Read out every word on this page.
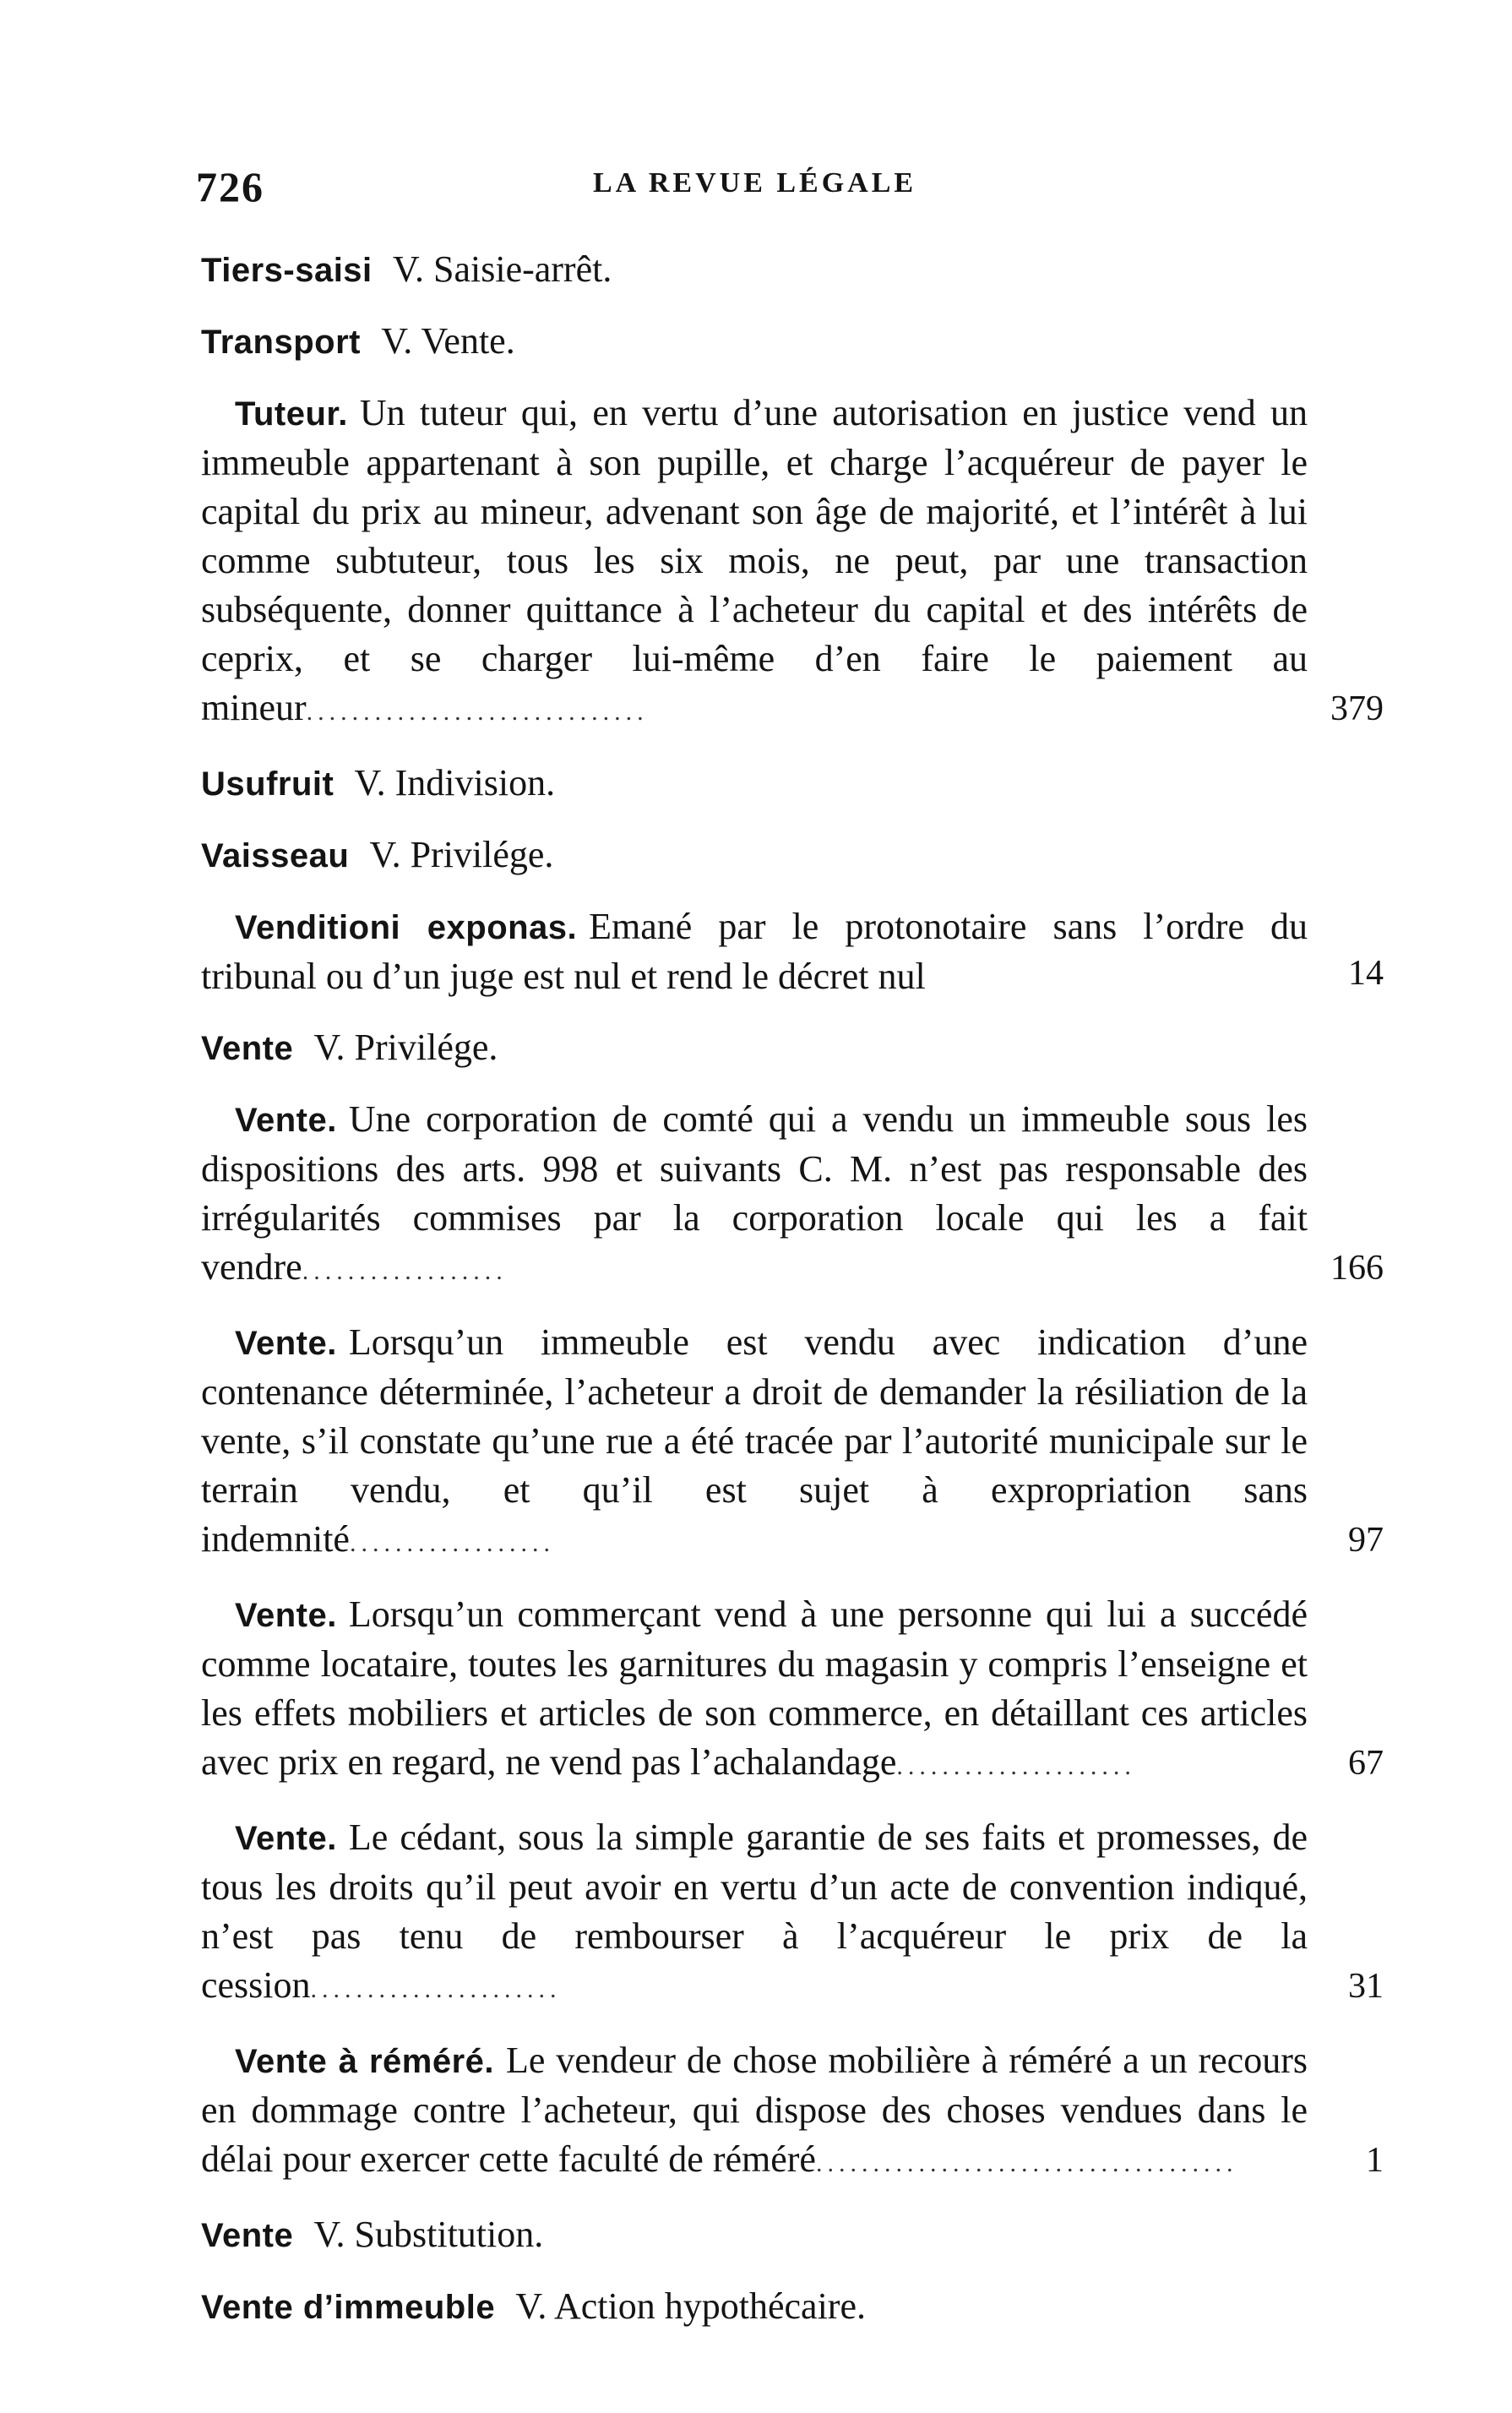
726	LA REVUE LÉGALE
Tiers-saisi V. Saisie-arrêt.
Transport V. Vente.
Tuteur. Un tuteur qui, en vertu d’une autorisation en justice vend un immeuble appartenant à son pupille, et charge l’acquéreur de payer le capital du prix au mineur, advenant son âge de majorité, et l’intérêt à lui comme subtuteur, tous les six mois, ne peut, par une transaction subséquente, donner quittance à l’acheteur du capital et des intérêts de ceprix, et se charger lui-même d’en faire le paiement au mineur..............................	379
Usufruit V. Indivision.
Vaisseau V. Privilége.
Venditioni exponas. Emané par le protonotaire sans l’ordre du tribunal ou d’un juge est nul et rend le décret nul	14
Vente V. Privilége.
Vente. Une corporation de comté qui a vendu un immeuble sous les dispositions des arts. 998 et suivants C. M. n’est pas responsable des irrégularités commises par la corporation locale qui les a fait vendre..................	166
Vente. Lorsqu’un immeuble est vendu avec indication d’une contenance déterminée, l’acheteur a droit de demander la résiliation de la vente, s’il constate qu’une rue a été tracée par l’autorité municipale sur le terrain vendu, et qu’il est sujet à expropriation sans indemnité..................	97
Vente. Lorsqu’un commerçant vend à une personne qui lui a succédé comme locataire, toutes les garnitures du magasin y compris l’enseigne et les effets mobiliers et articles de son commerce, en détaillant ces articles avec prix en regard, ne vend pas l’achalandage.....................	67
Vente. Le cédant, sous la simple garantie de ses faits et promesses, de tous les droits qu’il peut avoir en vertu d’un acte de convention indiqué, n’est pas tenu de rembourser à l’acquéreur le prix de la cession......................	31
Vente à réméré. Le vendeur de chose mobilière à réméré a un recours en dommage contre l’acheteur, qui dispose des choses vendues dans le délai pour exercer cette faculté de réméré.....................................	1
Vente V. Substitution.
Vente d’immeuble V. Action hypothécaire.
